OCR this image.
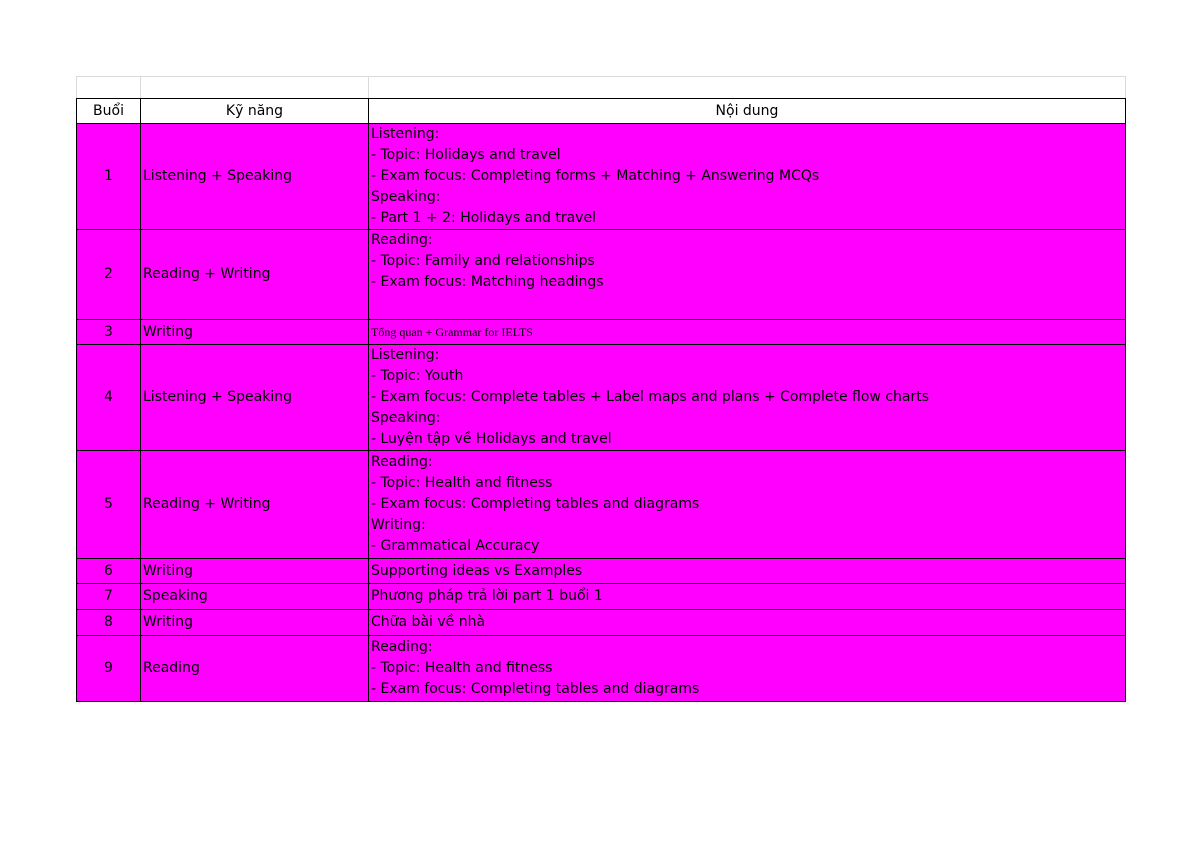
Buổi	Kỹ năng	Nội dung
1	Listening + Speaking	Listening:
- Topic: Holidays and travel
- Exam focus: Completing forms + Matching + Answering MCQs
Speaking:
- Part 1 + 2: Holidays and travel

2	Reading + Writing	Reading:
- Topic: Family and relationships
- Exam focus: Matching headings

3	Writing	Tổng quan + Grammar for IELTS

4	Listening + Speaking	Listening:
- Topic: Youth
- Exam focus: Complete tables + Label maps and plans + Complete flow charts
Speaking:
- Luyện tập về Holidays and travel

5	Reading + Writing	Reading:
- Topic: Health and fitness
- Exam focus: Completing tables and diagrams
Writing:
- Grammatical Accuracy

6	Writing	Supporting ideas vs Examples

7	Speaking	Phương pháp trả lời part 1 buổi 1

8	Writing	Chữa bài về nhà

9	Reading	Reading:
- Topic: Health and fitness
- Exam focus: Completing tables and diagrams
